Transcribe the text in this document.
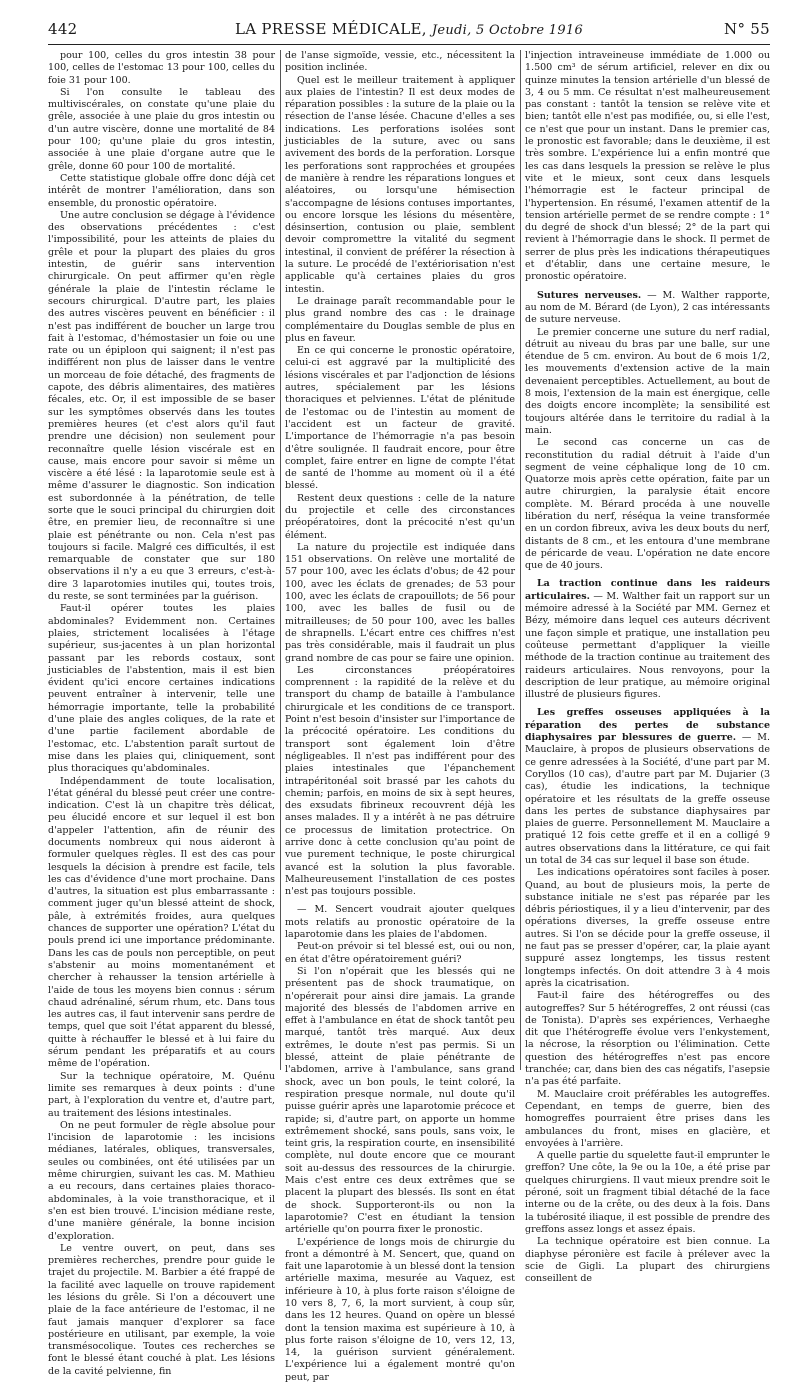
442	LA PRESSE MÉDICALE, Jeudi, 5 Octobre 1916	N° 55

pour 100, celles du gros intestin 38 pour 100, celles de l'estomac 13 pour 100, celles du foie 31 pour 100.

Si l'on consulte le tableau des multiviscérales, on constate qu'une plaie du grêle, associée à une plaie du gros intestin ou d'un autre viscère, donne une mortalité de 84 pour 100; qu'une plaie du gros intestin, associée à une plaie d'organe autre que le grêle, donne 60 pour 100 de mortalité.

Cette statistique globale offre donc déjà cet intérêt de montrer l'amélioration, dans son ensemble, du pronostic opératoire.

Une autre conclusion se dégage à l'évidence des observations précédentes : c'est l'impossibilité, pour les atteints de plaies du grêle et pour la plupart des plaies du gros intestin, de guérir sans intervention chirurgicale. On peut affirmer qu'en règle générale la plaie de l'intestin réclame le secours chirurgical. D'autre part, les plaies des autres viscères peuvent en bénéficier : il n'est pas indifférent de boucher un large trou fait à l'estomac, d'hémostasier un foie ou une rate ou un épiploon qui saignent; il n'est pas indifférent non plus de laisser dans le ventre un morceau de foie détaché, des fragments de capote, des débris alimentaires, des matières fécales, etc. Or, il est impossible de se baser sur les symptômes observés dans les toutes premières heures (et c'est alors qu'il faut prendre une décision) non seulement pour reconnaître quelle lésion viscérale est en cause, mais encore pour savoir si même un viscère a été lésé : la laparotomie seule est à même d'assurer le diagnostic. Son indication est subordonnée à la pénétration, de telle sorte que le souci principal du chirurgien doit être, en premier lieu, de reconnaître si une plaie est pénétrante ou non. Cela n'est pas toujours si facile. Malgré ces difficultés, il est remarquable de constater que sur 180 observations il n'y a eu que 3 erreurs, c'est-à-dire 3 laparotomies inutiles qui, toutes trois, du reste, se sont terminées par la guérison.

Faut-il opérer toutes les plaies abdominales? Evidemment non. Certaines plaies, strictement localisées à l'étage supérieur, sus-jacentes à un plan horizontal passant par les rebords costaux, sont justiciables de l'abstention, mais il est bien évident qu'ici encore certaines indications peuvent entraîner à intervenir, telle une hémorragie importante, telle la probabilité d'une plaie des angles coliques, de la rate et d'une partie facilement abordable de l'estomac, etc. L'abstention paraît surtout de mise dans les plaies qui, cliniquement, sont plus thoraciques qu'abdominales.

Indépendamment de toute localisation, l'état général du blessé peut créer une contre-indication. C'est là un chapitre très délicat, peu élucidé encore et sur lequel il est bon d'appeler l'attention, afin de réunir des documents nombreux qui nous aideront à formuler quelques règles. Il est des cas pour lesquels la décision à prendre est facile, tels les cas d'évidence d'une mort prochaine. Dans d'autres, la situation est plus embarrassante : comment juger qu'un blessé atteint de shock, pâle, à extrémités froides, aura quelques chances de supporter une opération? L'état du pouls prend ici une importance prédominante. Dans les cas de pouls non perceptible, on peut s'abstenir au moins momentanément et chercher à rehausser la tension artérielle à l'aide de tous les moyens bien connus : sérum chaud adrénaliné, sérum rhum, etc. Dans tous les autres cas, il faut intervenir sans perdre de temps, quel que soit l'état apparent du blessé, quitte à réchauffer le blessé et à lui faire du sérum pendant les préparatifs et au cours même de l'opération.

Sur la technique opératoire, M. Quénu limite ses remarques à deux points : d'une part, à l'exploration du ventre et, d'autre part, au traitement des lésions intestinales.

On ne peut formuler de règle absolue pour l'incision de laparotomie : les incisions médianes, latérales, obliques, transversales, seules ou combinées, ont été utilisées par un même chirurgien, suivant les cas. M. Mathieu a eu recours, dans certaines plaies thoraco-abdominales, à la voie transthoracique, et il s'en est bien trouvé. L'incision médiane reste, d'une manière générale, la bonne incision d'exploration.

Le ventre ouvert, on peut, dans ses premières recherches, prendre pour guide le trajet du projectile. M. Barbier a été frappé de la facilité avec laquelle on trouve rapidement les lésions du grêle. Si l'on a découvert une plaie de la face antérieure de l'estomac, il ne faut jamais manquer d'explorer sa face postérieure en utilisant, par exemple, la voie transmésocolique. Toutes ces recherches se font le blessé étant couché à plat. Les lésions de la cavité pelvienne, fin

de l'anse sigmoïde, vessie, etc., nécessitent la position inclinée.

Quel est le meilleur traitement à appliquer aux plaies de l'intestin? Il est deux modes de réparation possibles : la suture de la plaie ou la résection de l'anse lésée. Chacune d'elles a ses indications. Les perforations isolées sont justiciables de la suture, avec ou sans avivement des bords de la perforation. Lorsque les perforations sont rapprochées et groupées de manière à rendre les réparations longues et aléatoires, ou lorsqu'une hémisection s'accompagne de lésions contuses importantes, ou encore lorsque les lésions du mésentère, désinsertion, contusion ou plaie, semblent devoir compromettre la vitalité du segment intestinal, il convient de préférer la résection à la suture. Le procédé de l'extériorisation n'est applicable qu'à certaines plaies du gros intestin.

Le drainage paraît recommandable pour le plus grand nombre des cas : le drainage complémentaire du Douglas semble de plus en plus en faveur.

En ce qui concerne le pronostic opératoire, celui-ci est aggravé par la multiplicité des lésions viscérales et par l'adjonction de lésions autres, spécialement par les lésions thoraciques et pelviennes. L'état de plénitude de l'estomac ou de l'intestin au moment de l'accident est un facteur de gravité. L'importance de l'hémorragie n'a pas besoin d'être soulignée. Il faudrait encore, pour être complet, faire entrer en ligne de compte l'état de santé de l'homme au moment où il a été blessé.

Restent deux questions : celle de la nature du projectile et celle des circonstances préopératoires, dont la précocité n'est qu'un élément.

La nature du projectile est indiquée dans 151 observations. On relève une mortalité de 57 pour 100, avec les éclats d'obus; de 42 pour 100, avec les éclats de grenades; de 53 pour 100, avec les éclats de crapouillots; de 56 pour 100, avec les balles de fusil ou de mitrailleuses; de 50 pour 100, avec les balles de shrapnells. L'écart entre ces chiffres n'est pas très considérable, mais il faudrait un plus grand nombre de cas pour se faire une opinion.

Les circonstances préopératoires comprennent : la rapidité de la relève et du transport du champ de bataille à l'ambulance chirurgicale et les conditions de ce transport. Point n'est besoin d'insister sur l'importance de la précocité opératoire. Les conditions du transport sont également loin d'être négligeables. Il n'est pas indifférent pour des plaies intestinales que l'épanchement intrapéritonéal soit brassé par les cahots du chemin; parfois, en moins de six à sept heures, des exsudats fibrineux recouvrent déjà les anses malades. Il y a intérêt à ne pas détruire ce processus de limitation protectrice. On arrive donc à cette conclusion qu'au point de vue purement technique, le poste chirurgical avancé est la solution la plus favorable. Malheureusement l'installation de ces postes n'est pas toujours possible.

— M. Sencert voudrait ajouter quelques mots relatifs au pronostic opératoire de la laparotomie dans les plaies de l'abdomen.

Peut-on prévoir si tel blessé est, oui ou non, en état d'être opératoirement guéri?

Si l'on n'opérait que les blessés qui ne présentent pas de shock traumatique, on n'opérerait pour ainsi dire jamais. La grande majorité des blessés de l'abdomen arrive en effet à l'ambulance en état de shock tantôt peu marqué, tantôt très marqué. Aux deux extrêmes, le doute n'est pas permis. Si un blessé, atteint de plaie pénétrante de l'abdomen, arrive à l'ambulance, sans grand shock, avec un bon pouls, le teint coloré, la respiration presque normale, nul doute qu'il puisse guérir après une laparotomie précoce et rapide; si, d'autre part, on apporte un homme extrêmement shocké, sans pouls, sans voix, le teint gris, la respiration courte, en insensibilité complète, nul doute encore que ce mourant soit au-dessus des ressources de la chirurgie. Mais c'est entre ces deux extrêmes que se placent la plupart des blessés. Ils sont en état de shock. Supporteront-ils ou non la laparotomie? C'est en étudiant la tension artérielle qu'on pourra fixer le pronostic.

L'expérience de longs mois de chirurgie du front a démontré à M. Sencert, que, quand on fait une laparotomie à un blessé dont la tension artérielle maxima, mesurée au Vaquez, est inférieure à 10, à plus forte raison s'éloigne de 10 vers 8, 7, 6, la mort survient, à coup sûr, dans les 12 heures. Quand on opère un blessé dont la tension maxima est supérieure à 10, à plus forte raison s'éloigne de 10, vers 12, 13, 14, la guérison survient généralement. L'expérience lui a également montré qu'on peut, par

l'injection intraveineuse immédiate de 1.000 ou 1.500 cm³ de sérum artificiel, relever en dix ou quinze minutes la tension artérielle d'un blessé de 3, 4 ou 5 mm. Ce résultat n'est malheureusement pas constant : tantôt la tension se relève vite et bien; tantôt elle n'est pas modifiée, ou, si elle l'est, ce n'est que pour un instant. Dans le premier cas, le pronostic est favorable; dans le deuxième, il est très sombre. L'expérience lui a enfin montré que les cas dans lesquels la pression se relève le plus vite et le mieux, sont ceux dans lesquels l'hémorragie est le facteur principal de l'hypertension. En résumé, l'examen attentif de la tension artérielle permet de se rendre compte : 1° du degré de shock d'un blessé; 2° de la part qui revient à l'hémorragie dans le shock. Il permet de serrer de plus près les indications thérapeutiques et d'établir, dans une certaine mesure, le pronostic opératoire.

Sutures nerveuses. — M. Walther rapporte, au nom de M. Bérard (de Lyon), 2 cas intéressants de suture nerveuse.

Le premier concerne une suture du nerf radial, détruit au niveau du bras par une balle, sur une étendue de 5 cm. environ. Au bout de 6 mois 1/2, les mouvements d'extension active de la main devenaient perceptibles. Actuellement, au bout de 8 mois, l'extension de la main est énergique, celle des doigts encore incomplète; la sensibilité est toujours altérée dans le territoire du radial à la main.

Le second cas concerne un cas de reconstitution du radial détruit à l'aide d'un segment de veine céphalique long de 10 cm. Quatorze mois après cette opération, faite par un autre chirurgien, la paralysie était encore complète. M. Bérard procéda à une nouvelle libération du nerf, réséqua la veine transformée en un cordon fibreux, aviva les deux bouts du nerf, distants de 8 cm., et les entoura d'une membrane de péricarde de veau. L'opération ne date encore que de 40 jours.

La traction continue dans les raideurs articulaires. — M. Walther fait un rapport sur un mémoire adressé à la Société par MM. Gernez et Bézy, mémoire dans lequel ces auteurs décrivent une façon simple et pratique, une installation peu coûteuse permettant d'appliquer la vieille méthode de la traction continue au traitement des raideurs articulaires. Nous renvoyons, pour la description de leur pratique, au mémoire original illustré de plusieurs figures.

Les greffes osseuses appliquées à la réparation des pertes de substance diaphysaires par blessures de guerre. — M. Mauclaire, à propos de plusieurs observations de ce genre adressées à la Société, d'une part par M. Coryllos (10 cas), d'autre part par M. Dujarier (3 cas), étudie les indications, la technique opératoire et les résultats de la greffe osseuse dans les pertes de substance diaphysaires par plaies de guerre. Personnellement M. Mauclaire a pratiqué 12 fois cette greffe et il en a colligé 9 autres observations dans la littérature, ce qui fait un total de 34 cas sur lequel il base son étude.

Les indications opératoires sont faciles à poser. Quand, au bout de plusieurs mois, la perte de substance initiale ne s'est pas réparée par les débris périostiques, il y a lieu d'intervenir, par des opérations diverses, la greffe osseuse entre autres. Si l'on se décide pour la greffe osseuse, il ne faut pas se presser d'opérer, car, la plaie ayant suppuré assez longtemps, les tissus restent longtemps infectés. On doit attendre 3 à 4 mois après la cicatrisation.

Faut-il faire des hétérogreffes ou des autogreffes? Sur 5 hétérogreffes, 2 ont réussi (cas de Tonista). D'après ses expériences, Verhaeghe dit que l'hétérogreffe évolue vers l'enkystement, la nécrose, la résorption ou l'élimination. Cette question des hétérogreffes n'est pas encore tranchée; car, dans bien des cas négatifs, l'asepsie n'a pas été parfaite.

M. Mauclaire croit préférables les autogreffes. Cependant, en temps de guerre, bien des homogreffes pourraient être prises dans les ambulances du front, mises en glacière, et envoyées à l'arrière.

A quelle partie du squelette faut-il emprunter le greffon? Une côte, la 9e ou la 10e, a été prise par quelques chirurgiens. Il vaut mieux prendre soit le péroné, soit un fragment tibial détaché de la face interne ou de la crête, ou des deux à la fois. Dans la tubérosité iliaque, il est possible de prendre des greffons assez longs et assez épais.

La technique opératoire est bien connue. La diaphyse péronière est facile à prélever avec la scie de Gigli. La plupart des chirurgiens conseillent de
